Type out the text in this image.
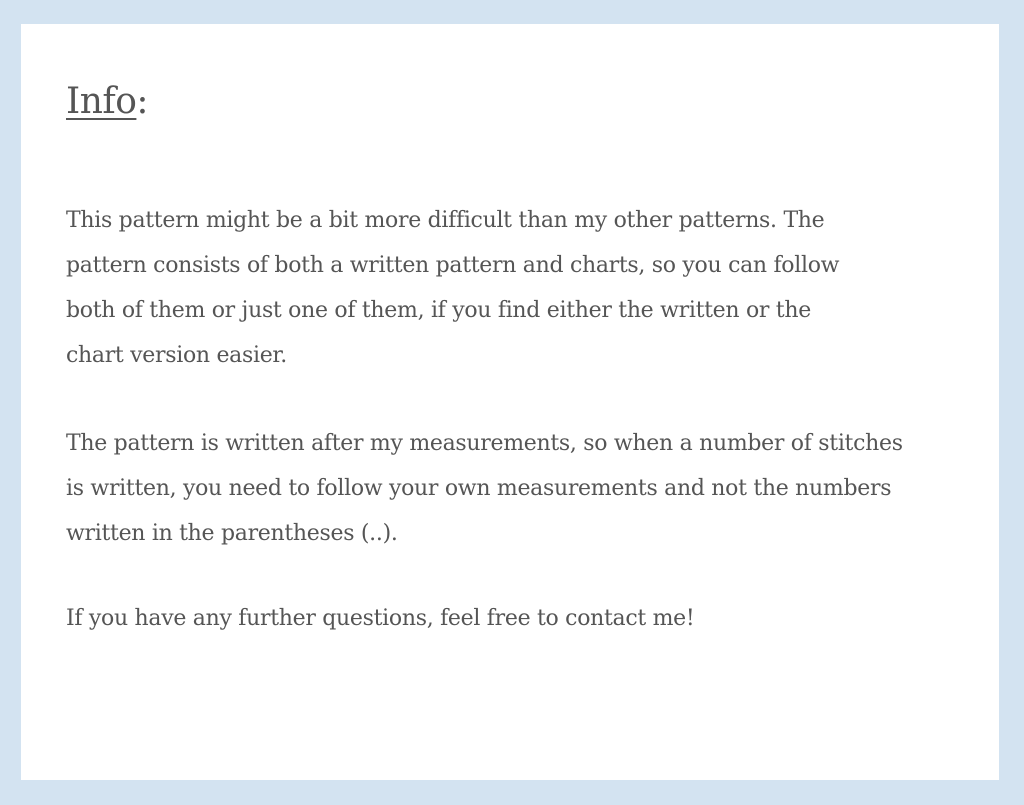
Info:

This pattern might be a bit more difficult than my other patterns. The
pattern consists of both a written pattern and charts, so you can follow
both of them or just one of them, if you find either the written or the
chart version easier.

The pattern is written after my measurements, so when a number of stitches
is written, you need to follow your own measurements and not the numbers
written in the parentheses (..).

If you have any further questions, feel free to contact me!
